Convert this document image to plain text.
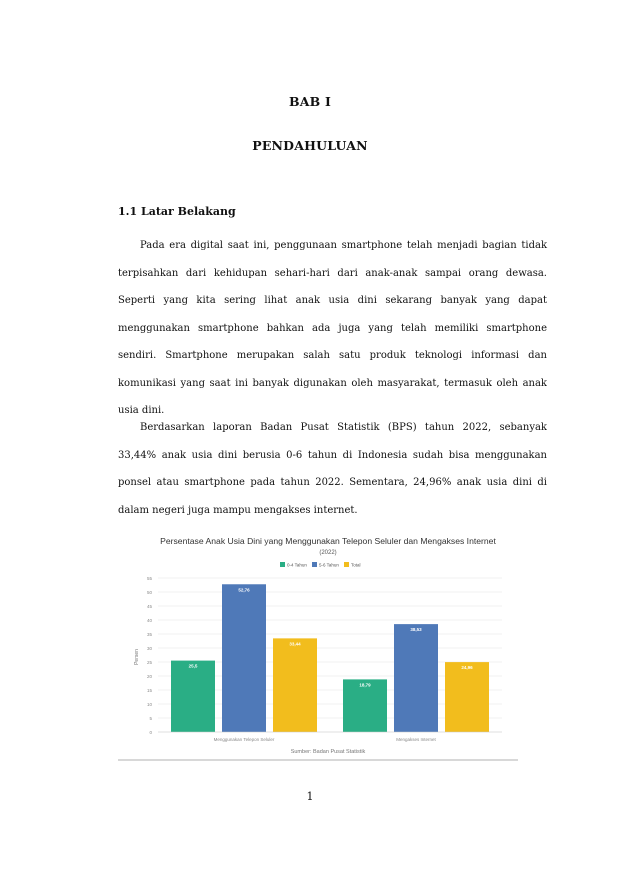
BAB I
PENDAHULUAN
1.1 Latar Belakang

Pada era digital saat ini, penggunaan smartphone telah menjadi bagian tidak terpisahkan dari kehidupan sehari-hari dari anak-anak sampai orang dewasa. Seperti yang kita sering lihat anak usia dini sekarang banyak yang dapat menggunakan smartphone bahkan ada juga yang telah memiliki smartphone sendiri. Smartphone merupakan salah satu produk teknologi informasi dan komunikasi yang saat ini banyak digunakan oleh masyarakat, termasuk oleh anak usia dini.

Berdasarkan laporan Badan Pusat Statistik (BPS) tahun 2022, sebanyak 33,44% anak usia dini berusia 0-6 tahun di Indonesia sudah bisa menggunakan ponsel atau smartphone pada tahun 2022. Sementara, 24,96% anak usia dini di dalam negeri juga mampu mengakses internet.

Persentase Anak Usia Dini yang Menggunakan Telepon Seluler dan Mengakses Internet
(2022)
0-4 Tahun	5-6 Tahun	Total
0
5
10
15
20
25
30
35
40
45
50
55
25,5
52,76
33,44
18,79
38,53
24,96
Menggunakan Telepon Seluler	Mengakses Internet
Persen
Sumber: Badan Pusat Statistik
1
